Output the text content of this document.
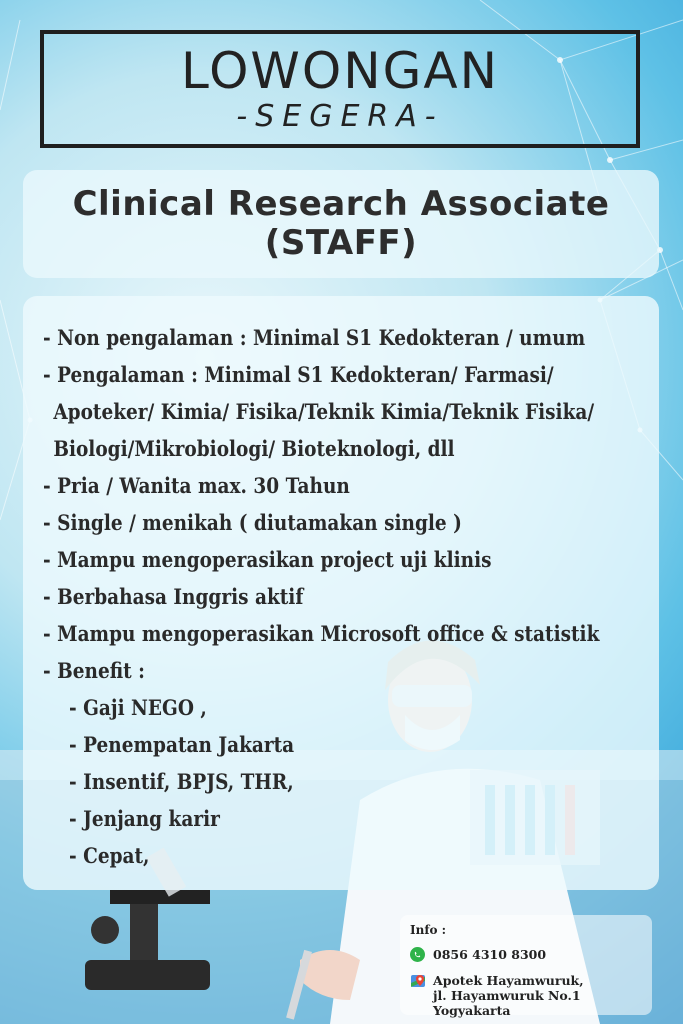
LOWONGAN
-SEGERA-
Clinical Research Associate
(STAFF)
- Non pengalaman : Minimal S1 Kedokteran / umum
- Pengalaman : Minimal S1 Kedokteran/ Farmasi/
Apoteker/ Kimia/ Fisika/Teknik Kimia/Teknik Fisika/
Biologi/Mikrobiologi/ Bioteknologi, dll
- Pria / Wanita max. 30 Tahun
- Single / menikah ( diutamakan single )
- Mampu mengoperasikan project uji klinis
- Berbahasa Inggris aktif
- Mampu mengoperasikan Microsoft office & statistik
- Benefit :
- Gaji NEGO ,
- Penempatan Jakarta
- Insentif, BPJS, THR,
- Jenjang karir
- Cepat,
Info :
0856 4310 8300
Apotek Hayamwuruk,
jl. Hayamwuruk No.1 Yogyakarta
